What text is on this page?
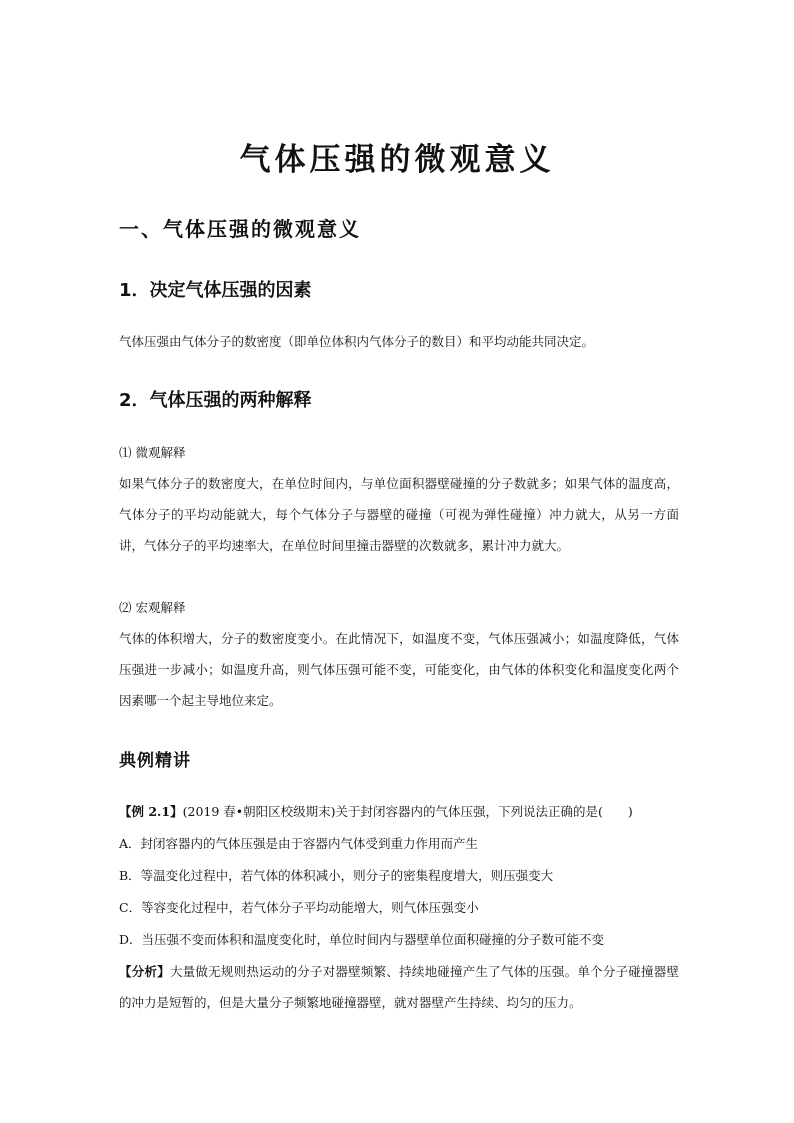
气体压强的微观意义
一、气体压强的微观意义
1．决定气体压强的因素

气体压强由气体分子的数密度（即单位体积内气体分子的数目）和平均动能共同决定。

2．气体压强的两种解释

⑴ 微观解释

如果气体分子的数密度大，在单位时间内，与单位面积器壁碰撞的分子数就多；如果气体的温度高，气体分子的平均动能就大，每个气体分子与器壁的碰撞（可视为弹性碰撞）冲力就大，从另一方面讲，气体分子的平均速率大，在单位时间里撞击器壁的次数就多，累计冲力就大。

⑵ 宏观解释

气体的体积增大，分子的数密度变小。在此情况下，如温度不变，气体压强减小；如温度降低，气体压强进一步减小；如温度升高，则气体压强可能不变，可能变化，由气体的体积变化和温度变化两个因素哪一个起主导地位来定。

典例精讲

【例 2.1】(2019 春•朝阳区校级期末)关于封闭容器内的气体压强，下列说法正确的是(　　)

A．封闭容器内的气体压强是由于容器内气体受到重力作用而产生

B．等温变化过程中，若气体的体积减小，则分子的密集程度增大，则压强变大

C．等容变化过程中，若气体分子平均动能增大，则气体压强变小

D．当压强不变而体积和温度变化时，单位时间内与器壁单位面积碰撞的分子数可能不变

【分析】大量做无规则热运动的分子对器壁频繁、持续地碰撞产生了气体的压强。单个分子碰撞器壁的冲力是短暂的，但是大量分子频繁地碰撞器壁，就对器壁产生持续、均匀的压力。
